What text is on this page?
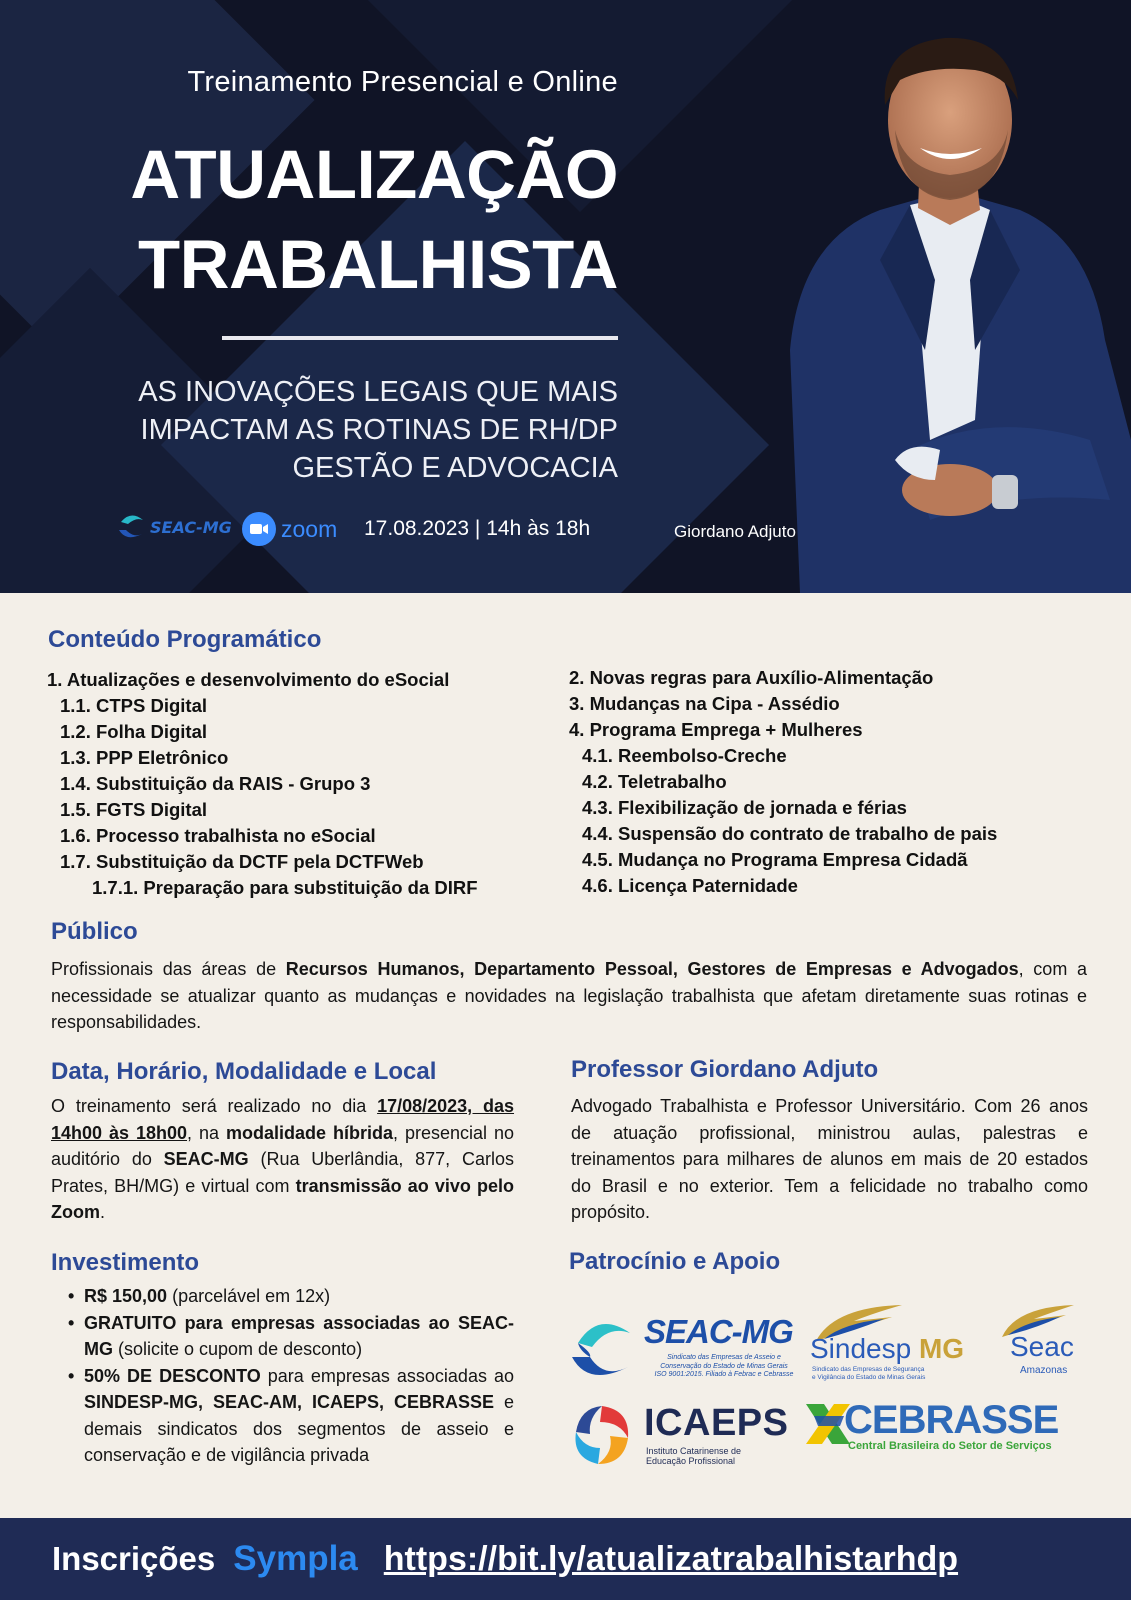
Treinamento Presencial e Online
ATUALIZAÇÃO
TRABALHISTA
AS INOVAÇÕES LEGAIS QUE MAIS
IMPACTAM AS ROTINAS DE RH/DP
GESTÃO E ADVOCACIA
SEAC-MG zoom 17.08.2023 | 14h às 18h	Giordano Adjuto
Conteúdo Programático
1. Atualizações e desenvolvimento do eSocial
1.1. CTPS Digital
1.2. Folha Digital
1.3. PPP Eletrônico
1.4. Substituição da RAIS - Grupo 3
1.5. FGTS Digital
1.6. Processo trabalhista no eSocial
1.7. Substituição da DCTF pela DCTFWeb
1.7.1. Preparação para substituição da DIRF
2. Novas regras para Auxílio-Alimentação
3. Mudanças na Cipa - Assédio
4. Programa Emprega + Mulheres
4.1. Reembolso-Creche
4.2. Teletrabalho
4.3. Flexibilização de jornada e férias
4.4. Suspensão do contrato de trabalho de pais
4.5. Mudança no Programa Empresa Cidadã
4.6. Licença Paternidade
Público
Profissionais das áreas de Recursos Humanos, Departamento Pessoal, Gestores de Empresas e Advogados, com a necessidade se atualizar quanto as mudanças e novidades na legislação trabalhista que afetam diretamente suas rotinas e responsabilidades.
Data, Horário, Modalidade e Local
O treinamento será realizado no dia 17/08/2023, das 14h00 às 18h00, na modalidade híbrida, presencial no auditório do SEAC-MG (Rua Uberlândia, 877, Carlos Prates, BH/MG) e virtual com transmissão ao vivo pelo Zoom.
Professor Giordano Adjuto
Advogado Trabalhista e Professor Universitário. Com 26 anos de atuação profissional, ministrou aulas, palestras e treinamentos para milhares de alunos em mais de 20 estados do Brasil e no exterior. Tem a felicidade no trabalho como propósito.
Investimento
• R$ 150,00 (parcelável em 12x)
• GRATUITO para empresas associadas ao SEAC-MG (solicite o cupom de desconto)
• 50% DE DESCONTO para empresas associadas ao SINDESP-MG, SEAC-AM, ICAEPS, CEBRASSE e demais sindicatos dos segmentos de asseio e conservação e de vigilância privada
Patrocínio e Apoio
SEAC-MG
Sindicato das Empresas de Asseio e
Conservação do Estado de Minas Gerais
ISO 9001:2015. Filiado à Febrac e Cebrasse
Sindesp MG
Sindicato das Empresas de Segurança
e Vigilância do Estado de Minas Gerais
Seac
Amazonas
ICAEPS
Instituto Catarinense de
Educação Profissional
CEBRASSE
Central Brasileira do Setor de Serviços
Inscrições Sympla https://bit.ly/atualizatrabalhistarhdp
